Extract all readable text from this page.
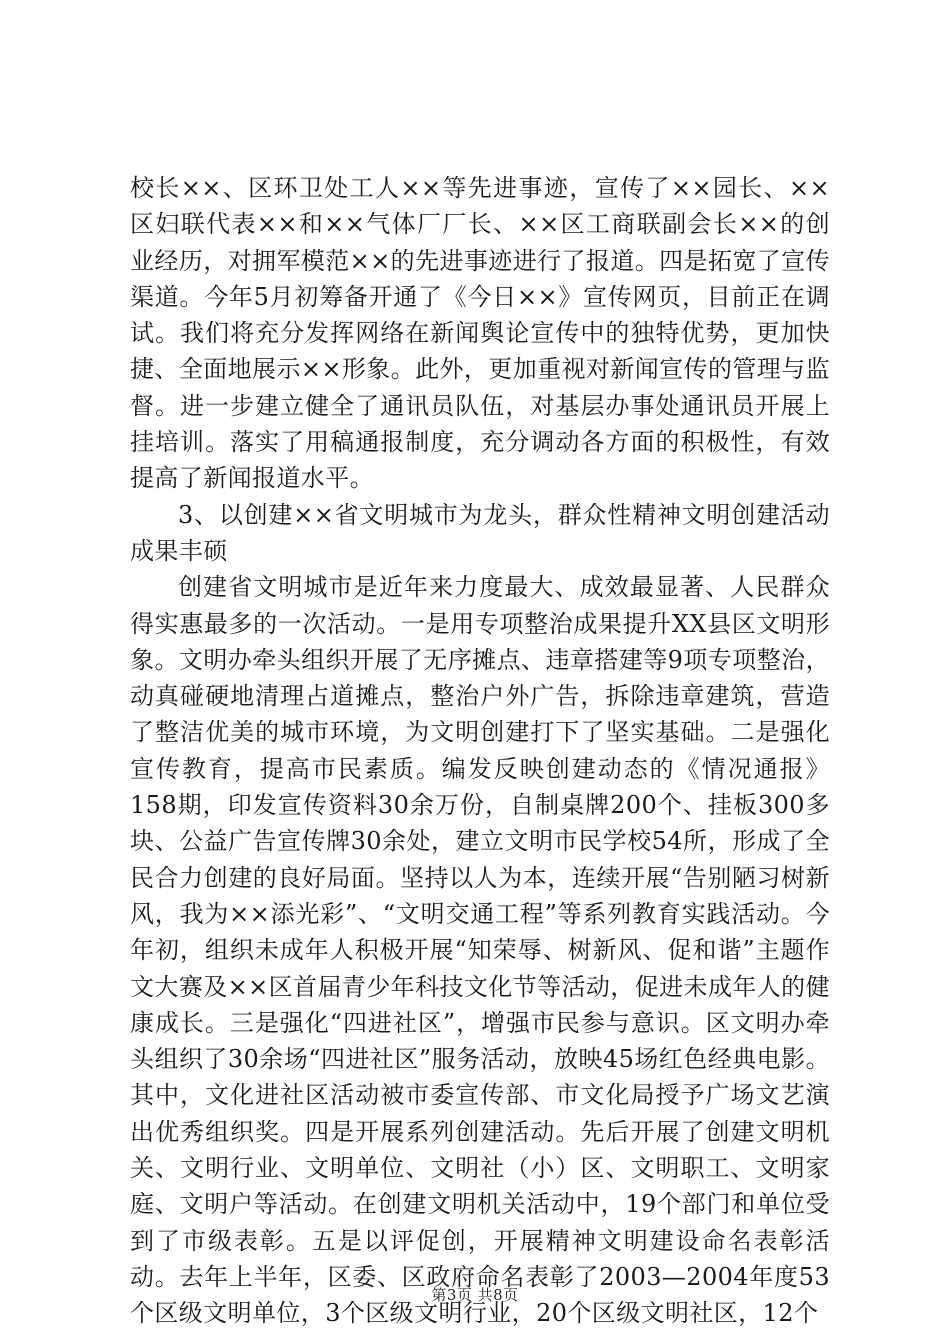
校长××、区环卫处工人××等先进事迹，宣传了××园长、××区妇联代表××和××气体厂厂长、××区工商联副会长××的创业经历，对拥军模范××的先进事迹进行了报道。四是拓宽了宣传渠道。今年5月初筹备开通了《今日××》宣传网页，目前正在调试。我们将充分发挥网络在新闻舆论宣传中的独特优势，更加快捷、全面地展示××形象。此外，更加重视对新闻宣传的管理与监督。进一步建立健全了通讯员队伍，对基层办事处通讯员开展上挂培训。落实了用稿通报制度，充分调动各方面的积极性，有效提高了新闻报道水平。

3、以创建××省文明城市为龙头，群众性精神文明创建活动成果丰硕

创建省文明城市是近年来力度最大、成效最显著、人民群众得实惠最多的一次活动。一是用专项整治成果提升XX县区文明形象。文明办牵头组织开展了无序摊点、违章搭建等9项专项整治，动真碰硬地清理占道摊点，整治户外广告，拆除违章建筑，营造了整洁优美的城市环境，为文明创建打下了坚实基础。二是强化宣传教育，提高市民素质。编发反映创建动态的《情况通报》158期，印发宣传资料30余万份，自制桌牌200个、挂板300多块、公益广告宣传牌30余处，建立文明市民学校54所，形成了全民合力创建的良好局面。坚持以人为本，连续开展“告别陋习树新风，我为××添光彩”、“文明交通工程”等系列教育实践活动。今年初，组织未成年人积极开展“知荣辱、树新风、促和谐”主题作文大赛及××区首届青少年科技文化节等活动，促进未成年人的健康成长。三是强化“四进社区”，增强市民参与意识。区文明办牵头组织了30余场“四进社区”服务活动，放映45场红色经典电影。其中，文化进社区活动被市委宣传部、市文化局授予广场文艺演出优秀组织奖。四是开展系列创建活动。先后开展了创建文明机关、文明行业、文明单位、文明社（小）区、文明职工、文明家庭、文明户等活动。在创建文明机关活动中，19个部门和单位受到了市级表彰。五是以评促创，开展精神文明建设命名表彰活动。去年上半年，区委、区政府命名表彰了2003—2004年度53个区级文明单位，3个区级文明行业，20个区级文明社区，12个

第3页 共8页
